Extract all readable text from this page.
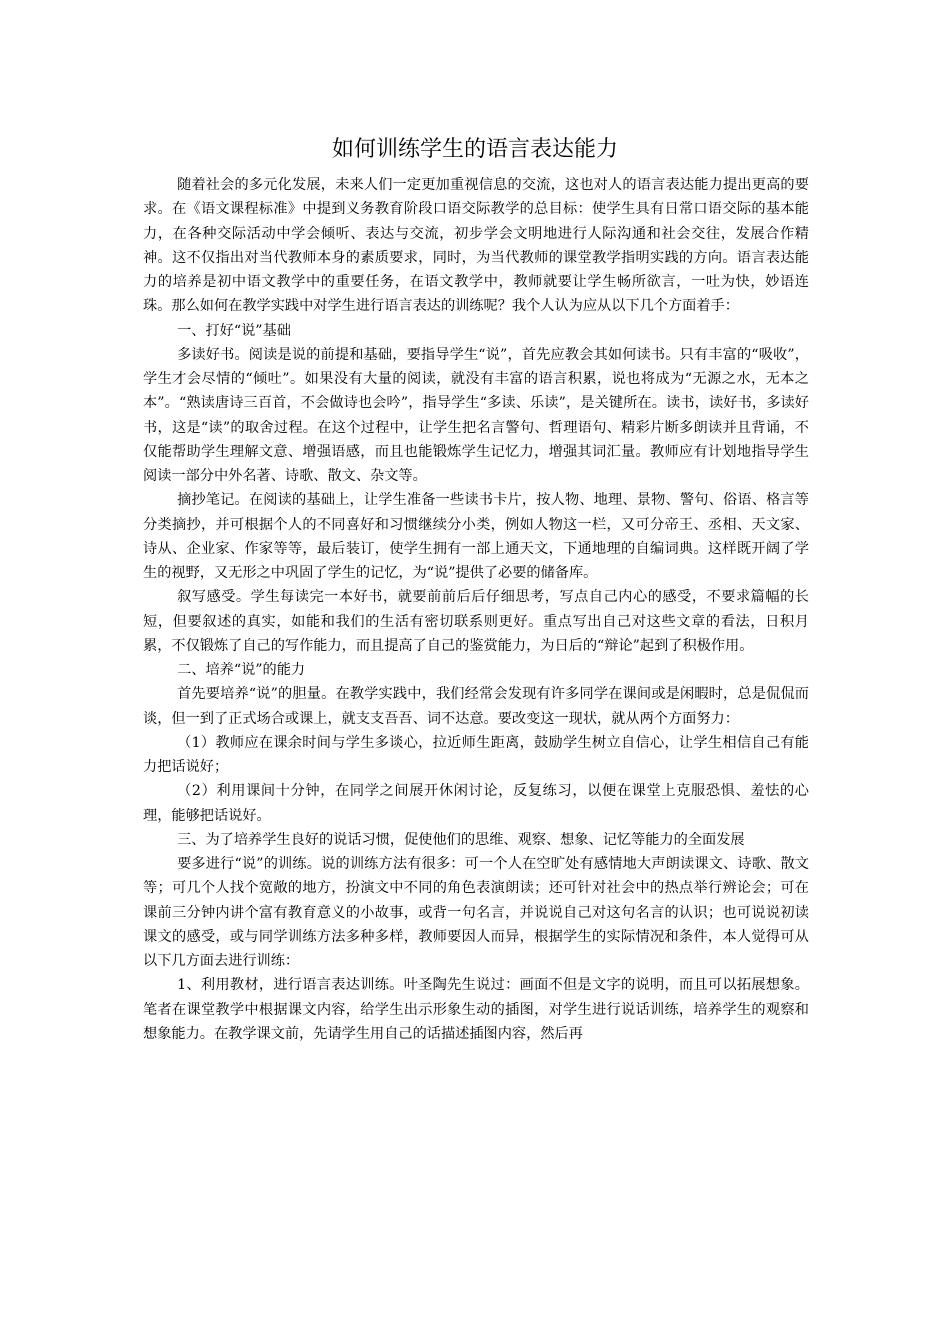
如何训练学生的语言表达能力

随着社会的多元化发展，未来人们一定更加重视信息的交流，这也对人的语言表达能力提出更高的要求。在《语文课程标准》中提到义务教育阶段口语交际教学的总目标：使学生具有日常口语交际的基本能力，在各种交际活动中学会倾听、表达与交流，初步学会文明地进行人际沟通和社会交往，发展合作精神。这不仅指出对当代教师本身的素质要求，同时，为当代教师的课堂教学指明实践的方向。语言表达能力的培养是初中语文教学中的重要任务，在语文教学中，教师就要让学生畅所欲言，一吐为快，妙语连珠。那么如何在教学实践中对学生进行语言表达的训练呢？我个人认为应从以下几个方面着手：

一、打好“说”基础

多读好书。阅读是说的前提和基础，要指导学生“说”，首先应教会其如何读书。只有丰富的“吸收”，学生才会尽情的“倾吐”。如果没有大量的阅读，就没有丰富的语言积累，说也将成为“无源之水，无本之本”。“熟读唐诗三百首，不会做诗也会吟”，指导学生“多读、乐读”，是关键所在。读书，读好书，多读好书，这是“读”的取舍过程。在这个过程中，让学生把名言警句、哲理语句、精彩片断多朗读并且背诵，不仅能帮助学生理解文意、增强语感，而且也能锻炼学生记忆力，增强其词汇量。教师应有计划地指导学生阅读一部分中外名著、诗歌、散文、杂文等。

摘抄笔记。在阅读的基础上，让学生准备一些读书卡片，按人物、地理、景物、警句、俗语、格言等分类摘抄，并可根据个人的不同喜好和习惯继续分小类，例如人物这一栏，又可分帝王、丞相、天文家、诗从、企业家、作家等等，最后装订，使学生拥有一部上通天文，下通地理的自编词典。这样既开阔了学生的视野，又无形之中巩固了学生的记忆，为“说”提供了必要的储备库。

叙写感受。学生每读完一本好书，就要前前后后仔细思考，写点自己内心的感受，不要求篇幅的长短，但要叙述的真实，如能和我们的生活有密切联系则更好。重点写出自己对这些文章的看法，日积月累，不仅锻炼了自己的写作能力，而且提高了自己的鉴赏能力，为日后的“辩论”起到了积极作用。

二、培养“说”的能力

首先要培养“说”的胆量。在教学实践中，我们经常会发现有许多同学在课间或是闲暇时，总是侃侃而谈，但一到了正式场合或课上，就支支吾吾、词不达意。要改变这一现状，就从两个方面努力：

（1）教师应在课余时间与学生多谈心，拉近师生距离，鼓励学生树立自信心，让学生相信自己有能力把话说好；

（2）利用课间十分钟，在同学之间展开休闲讨论，反复练习，以便在课堂上克服恐惧、羞怯的心理，能够把话说好。

三、为了培养学生良好的说话习惯，促使他们的思维、观察、想象、记忆等能力的全面发展

要多进行“说”的训练。说的训练方法有很多：可一个人在空旷处有感情地大声朗读课文、诗歌、散文等；可几个人找个宽敞的地方，扮演文中不同的角色表演朗读；还可针对社会中的热点举行辨论会；可在课前三分钟内讲个富有教育意义的小故事，或背一句名言，并说说自己对这句名言的认识；也可说说初读课文的感受，或与同学训练方法多种多样，教师要因人而异，根据学生的实际情况和条件，本人觉得可从以下几方面去进行训练：

1、利用教材，进行语言表达训练。叶圣陶先生说过：画面不但是文字的说明，而且可以拓展想象。笔者在课堂教学中根据课文内容，给学生出示形象生动的插图，对学生进行说话训练，培养学生的观察和想象能力。在教学课文前，先请学生用自己的话描述插图内容，然后再
